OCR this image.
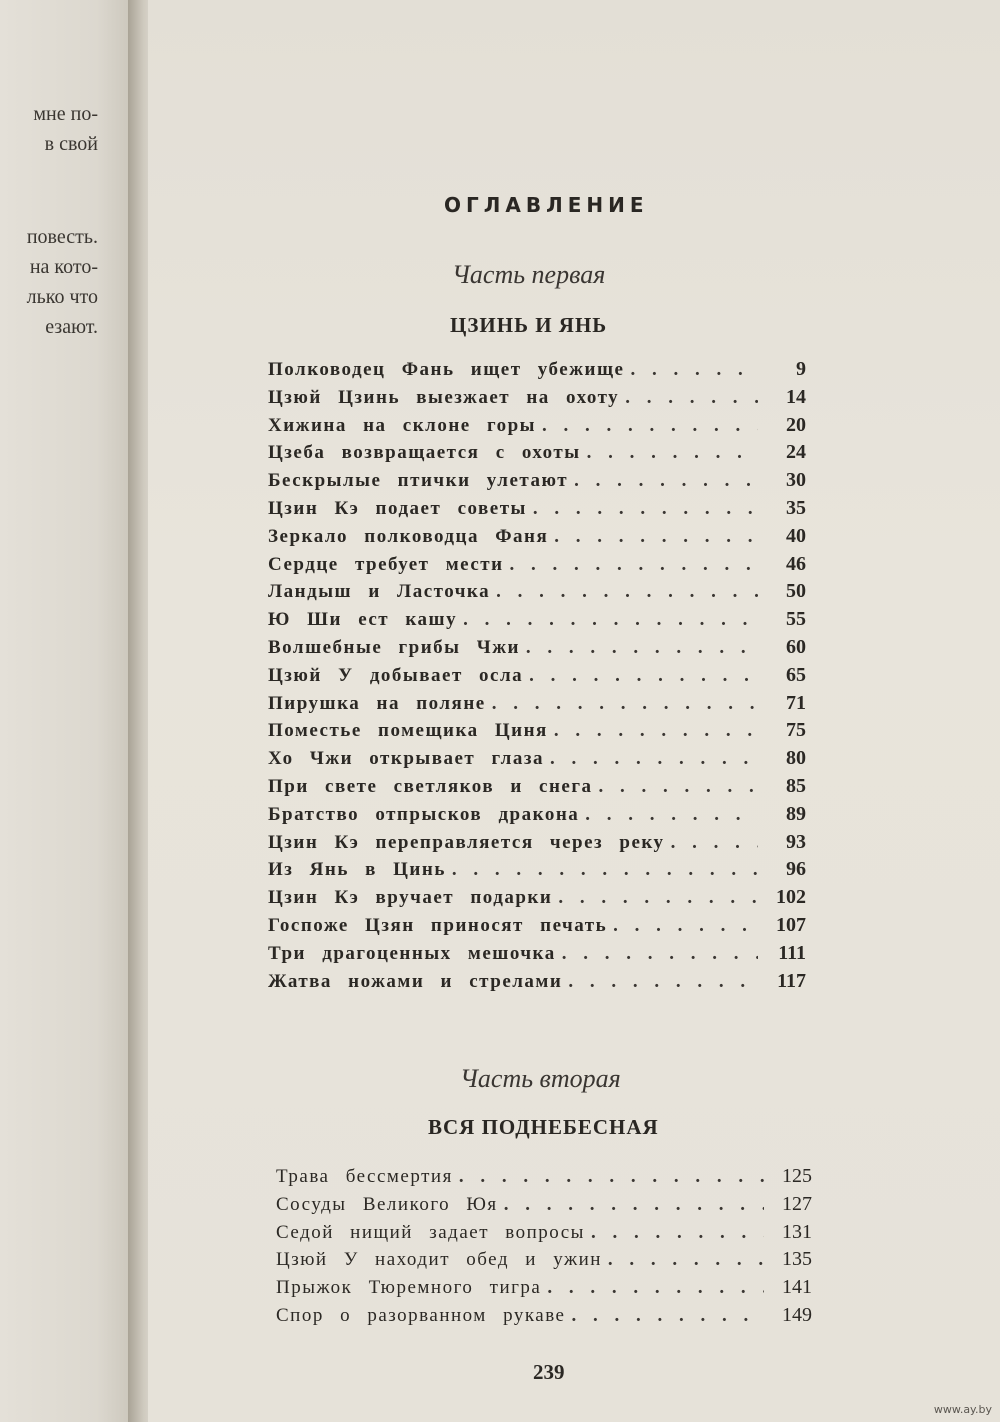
мне по-
в свой
повесть.
на кото-
лько что
езают.
ОГЛАВЛЕНИЕ
Часть первая
ЦЗИНЬ И ЯНЬ
Часть вторая
ВСЯ ПОДНЕБЕСНАЯ
Полководец Фань ищет убежище . . .	9
Цзюй Цзинь выезжает на охоту . . .	14
Хижина на склоне горы . . .	20
Цзеба возвращается с охоты . . .	24
Бескрылые птички улетают . . .	30
Цзин Кэ подает советы . . .	35
Зеркало полководца Фаня . . .	40
Сердце требует мести . . .	46
Ландыш и Ласточка . . .	50
Ю Ши ест кашу . . .	55
Волшебные грибы Чжи . . .	60
Цзюй У добывает осла . . .	65
Пирушка на поляне . . .	71
Поместье помещика Циня . . .	75
Хо Чжи открывает глаза . . .	80
При свете светляков и снега . . .	85
Братство отпрысков дракона . . .	89
Цзин Кэ переправляется через реку . . .	93
Из Янь в Цинь . . .	96
Цзин Кэ вручает подарки . . .	102
Госпоже Цзян приносят печать . . .	107
Три драгоценных мешочка . . .	111
Жатва ножами и стрелами . . .	117
Трава бессмертия . . .	125
Сосуды Великого Юя . . .	127
Седой нищий задает вопросы . . .	131
Цзюй У находит обед и ужин . . .	135
Прыжок Тюремного тигра . . .	141
Спор о разорванном рукаве . . .	149
239
www.ay.by
